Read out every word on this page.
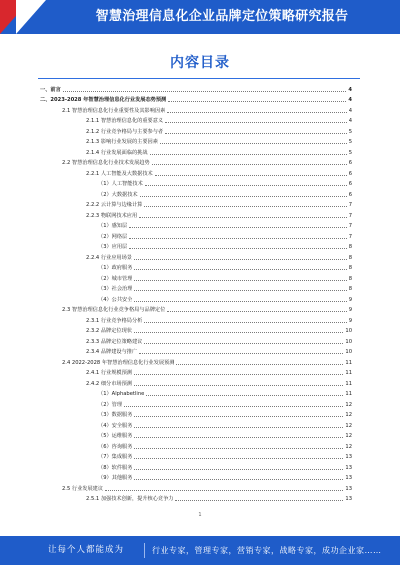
智慧治理信息化企业品牌定位策略研究报告
内容目录
一、前言	4
二、2023-2028 年智慧治理信息化行业发展态势预测	4
2.1 智慧治理信息化行业重要性及其影响因素	4
2.1.1 智慧治理信息化的重要意义	4
2.1.2 行业竞争格局与主要参与者	5
2.1.3 影响行业发展的主要因素	5
2.1.4 行业发展面临的挑战	5
2.2 智慧治理信息化行业技术发展趋势	6
2.2.1 人工智能及大数据技术	6
（1）人工智能技术	6
（2）大数据技术	6
2.2.2 云计算与边缘计算	7
2.2.3 物联网技术应用	7
（1）感知层	7
（2）网络层	7
（3）应用层	8
2.2.4 行业应用场景	8
（1）政府服务	8
（2）城市管理	8
（3）社会治理	8
（4）公共安全	9
2.3 智慧治理信息化行业竞争格局与品牌定位	9
2.3.1 行业竞争格局分析	9
2.3.2 品牌定位现状	10
2.3.3 品牌定位策略建议	10
2.3.4 品牌建设与推广	10
2.4 2022-2028 年智慧治理信息化行业发展预测	11
2.4.1 行业规模预测	11
2.4.2 细分市场预测	11
（1）Alphabetline	11
（2）管理	12
（3）数据服务	12
（4）安全服务	12
（5）运维服务	12
（6）咨询服务	12
（7）集成服务	13
（8）软件服务	13
（9）其他服务	13
2.5 行业发展建议	13
2.5.1 加强技术创新，提升核心竞争力	13
1
让每个人都能成为	行业专家，管理专家，营销专家，战略专家，成功企业家……
